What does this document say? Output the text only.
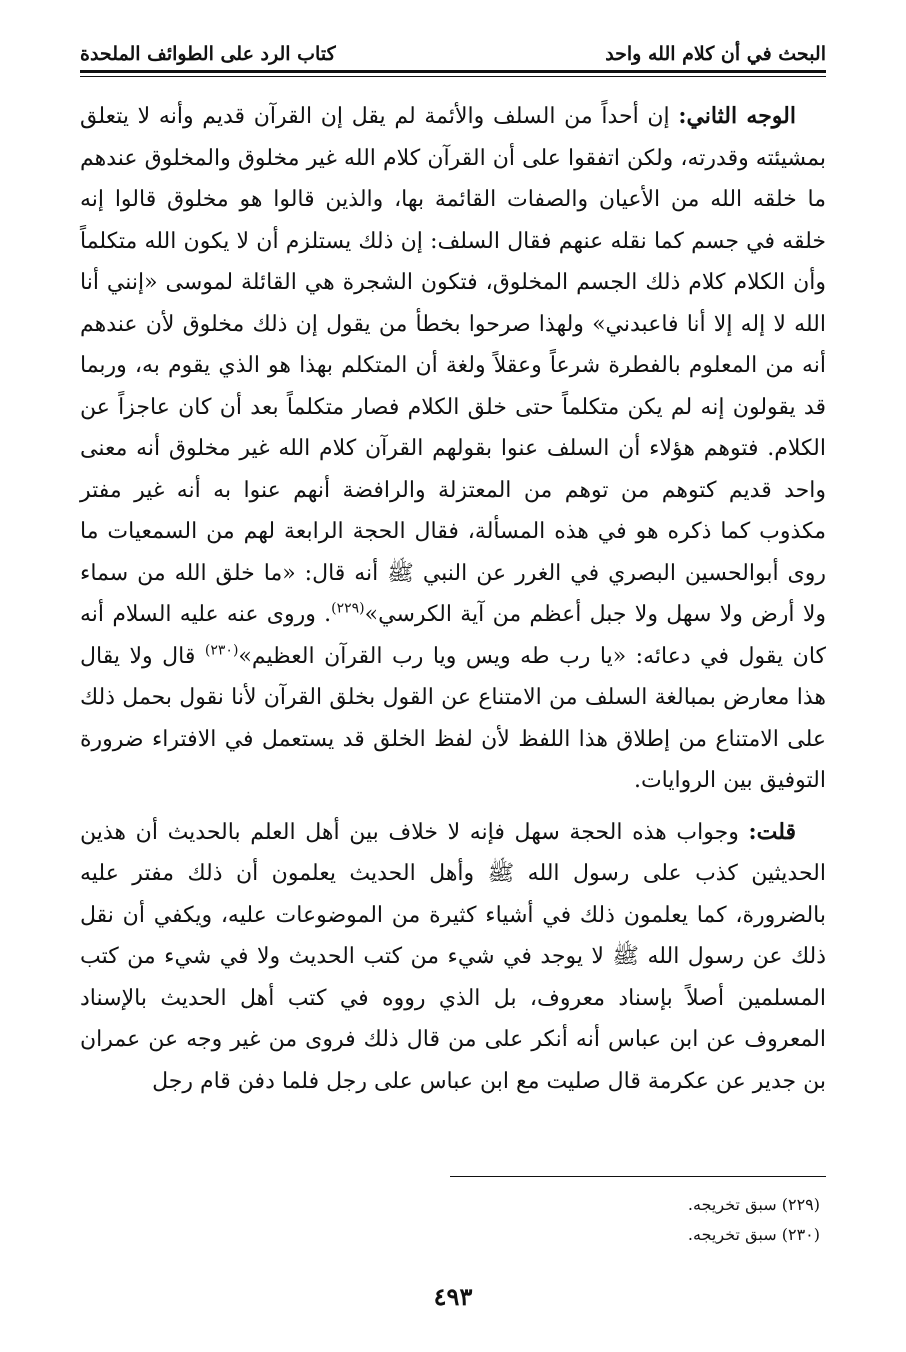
البحث في أن كلام الله واحد
كتاب الرد على الطوائف الملحدة

الوجه الثاني: إن أحداً من السلف والأئمة لم يقل إن القرآن قديم وأنه لا يتعلق بمشيئته وقدرته، ولكن اتفقوا على أن القرآن كلام الله غير مخلوق والمخلوق عندهم ما خلقه الله من الأعيان والصفات القائمة بها، والذين قالوا هو مخلوق قالوا إنه خلقه في جسم كما نقله عنهم فقال السلف: إن ذلك يستلزم أن لا يكون الله متكلماً وأن الكلام كلام ذلك الجسم المخلوق، فتكون الشجرة هي القائلة لموسى «إنني أنا الله لا إله إلا أنا فاعبدني» ولهذا صرحوا بخطأ من يقول إن ذلك مخلوق لأن عندهم أنه من المعلوم بالفطرة شرعاً وعقلاً ولغة أن المتكلم بهذا هو الذي يقوم به، وربما قد يقولون إنه لم يكن متكلماً حتى خلق الكلام فصار متكلماً بعد أن كان عاجزاً عن الكلام. فتوهم هؤلاء أن السلف عنوا بقولهم القرآن كلام الله غير مخلوق أنه معنى واحد قديم كتوهم من توهم من المعتزلة والرافضة أنهم عنوا به أنه غير مفتر مكذوب كما ذكره هو في هذه المسألة، فقال الحجة الرابعة لهم من السمعيات ما روى أبوالحسين البصري في الغرر عن النبي ﷺ أنه قال: «ما خلق الله من سماء ولا أرض ولا سهل ولا جبل أعظم من آية الكرسي»$^{(٢٢٩)}$. وروى عنه عليه السلام أنه كان يقول في دعائه: «يا رب طه ويس ويا رب القرآن العظيم»$^{(٢٣٠)}$ قال ولا يقال هذا معارض بمبالغة السلف من الامتناع عن القول بخلق القرآن لأنا نقول بحمل ذلك على الامتناع من إطلاق هذا اللفظ لأن لفظ الخلق قد يستعمل في الافتراء ضرورة التوفيق بين الروايات.

قلت: وجواب هذه الحجة سهل فإنه لا خلاف بين أهل العلم بالحديث أن هذين الحديثين كذب على رسول الله ﷺ وأهل الحديث يعلمون أن ذلك مفتر عليه بالضرورة، كما يعلمون ذلك في أشياء كثيرة من الموضوعات عليه، ويكفي أن نقل ذلك عن رسول الله ﷺ لا يوجد في شيء من كتب الحديث ولا في شيء من كتب المسلمين أصلاً بإسناد معروف، بل الذي رووه في كتب أهل الحديث بالإسناد المعروف عن ابن عباس أنه أنكر على من قال ذلك فروى من غير وجه عن عمران بن جدير عن عكرمة قال صليت مع ابن عباس على رجل فلما دفن قام رجل

(٢٢٩) سبق تخريجه.

(٢٣٠) سبق تخريجه.

٤٩٣
